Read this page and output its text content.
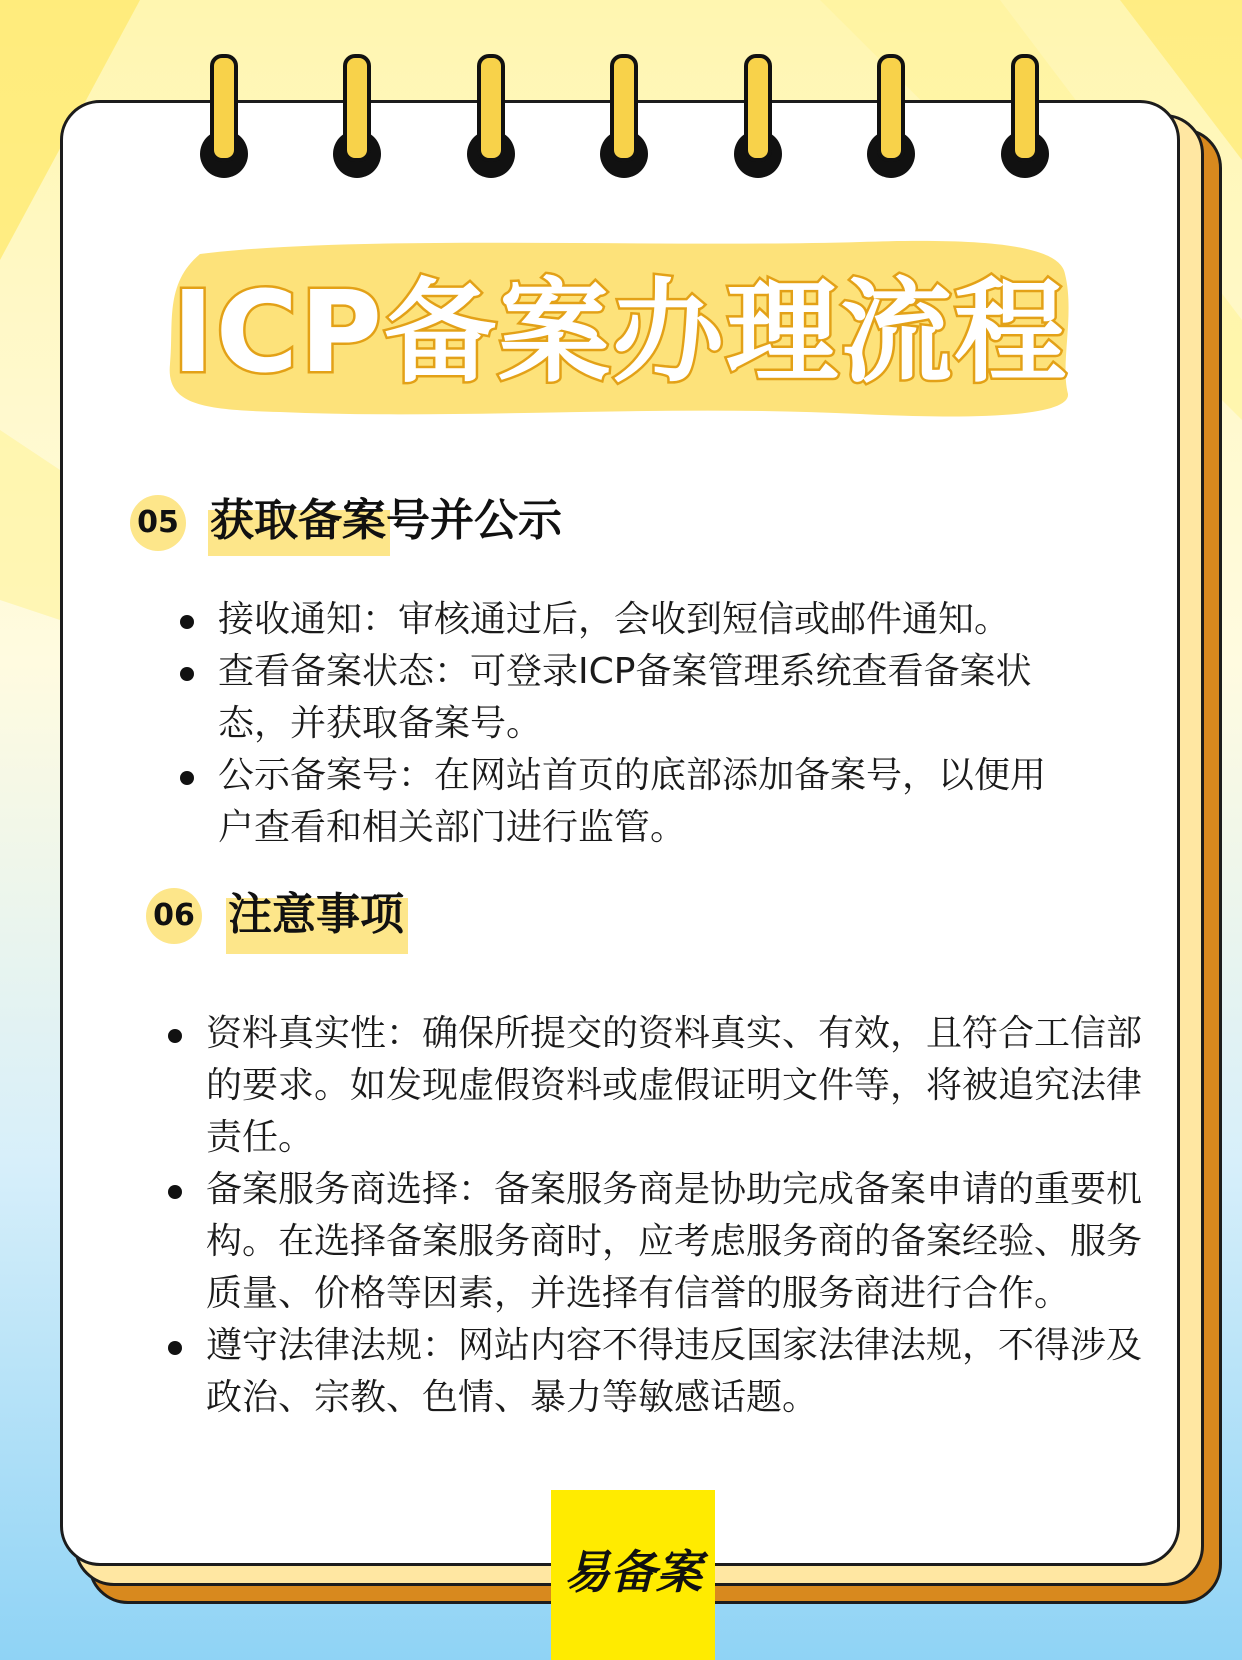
ICP备案办理流程
05 获取备案号并公示
接收通知：审核通过后，会收到短信或邮件通知。
查看备案状态：可登录ICP备案管理系统查看备案状态，并获取备案号。
公示备案号：在网站首页的底部添加备案号，以便用户查看和相关部门进行监管。
06 注意事项
资料真实性：确保所提交的资料真实、有效，且符合工信部的要求。如发现虚假资料或虚假证明文件等，将被追究法律责任。
备案服务商选择：备案服务商是协助完成备案申请的重要机构。在选择备案服务商时，应考虑服务商的备案经验、服务质量、价格等因素，并选择有信誉的服务商进行合作。
遵守法律法规：网站内容不得违反国家法律法规，不得涉及政治、宗教、色情、暴力等敏感话题。
易备案
